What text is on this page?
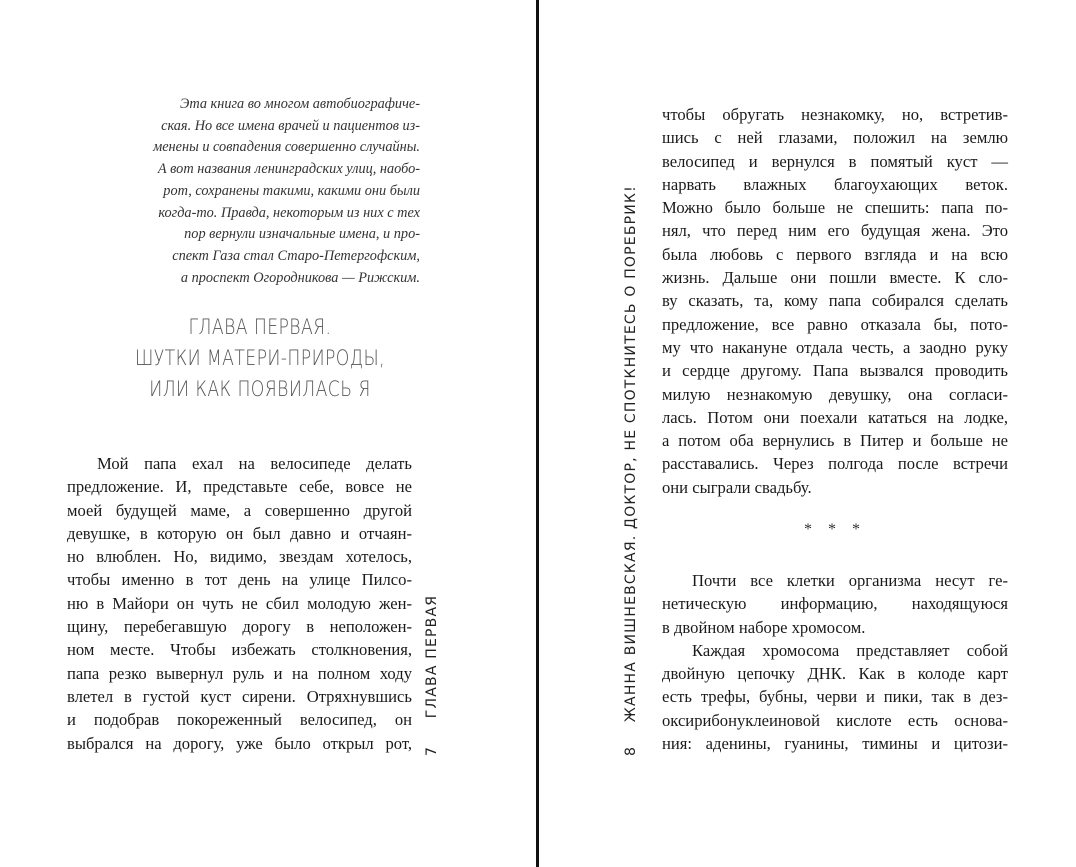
Эта книга во многом автобиографиче-
ская. Но все имена врачей и пациентов из-
менены и совпадения совершенно случайны.
А вот названия ленинградских улиц, наобо-
рот, сохранены такими, какими они были
когда-то. Правда, некоторым из них с тех
пор вернули изначальные имена, и про-
спект Газа стал Старо-Петергофским,
а проспект Огородникова — Рижским.
ГЛАВА ПЕРВАЯ.
ШУТКИ МАТЕРИ-ПРИРОДЫ,
ИЛИ КАК ПОЯВИЛАСЬ Я
Мой папа ехал на велосипеде делать
предложение. И, представьте себе, вовсе не
моей будущей маме, а совершенно другой
девушке, в которую он был давно и отчаян-
но влюблен. Но, видимо, звездам хотелось,
чтобы именно в тот день на улице Пилсо-
ню в Майори он чуть не сбил молодую жен-
щину, перебегавшую дорогу в неположен-
ном месте. Чтобы избежать столкновения,
папа резко вывернул руль и на полном ходу
влетел в густой куст сирени. Отряхнувшись
и подобрав покореженный велосипед, он
выбрался на дорогу, уже было открыл рот, 7 ГЛАВА ПЕРВАЯ
8 ЖАННА ВИШНЕВСКАЯ. ДОКТОР, НЕ СПОТКНИТЕСЬ О ПОРЕБРИК!
чтобы обругать незнакомку, но, встретив-
шись с ней глазами, положил на землю
велосипед и вернулся в помятый куст —
нарвать влажных благоухающих веток.
Можно было больше не спешить: папа по-
нял, что перед ним его будущая жена. Это
была любовь с первого взгляда и на всю
жизнь. Дальше они пошли вместе. К сло-
ву сказать, та, кому папа собирался сделать
предложение, все равно отказала бы, пото-
му что накануне отдала честь, а заодно руку
и сердце другому. Папа вызвался проводить
милую незнакомую девушку, она согласи-
лась. Потом они поехали кататься на лодке,
а потом оба вернулись в Питер и больше не
расставались. Через полгода после встречи
они сыграли свадьбу.
* * *
Почти все клетки организма несут ге-
нетическую информацию, находящуюся
в двойном наборе хромосом.
Каждая хромосома представляет собой
двойную цепочку ДНК. Как в колоде карт
есть трефы, бубны, черви и пики, так в дез-
оксирибонуклеиновой кислоте есть основа-
ния: аденины, гуанины, тимины и цитози-
